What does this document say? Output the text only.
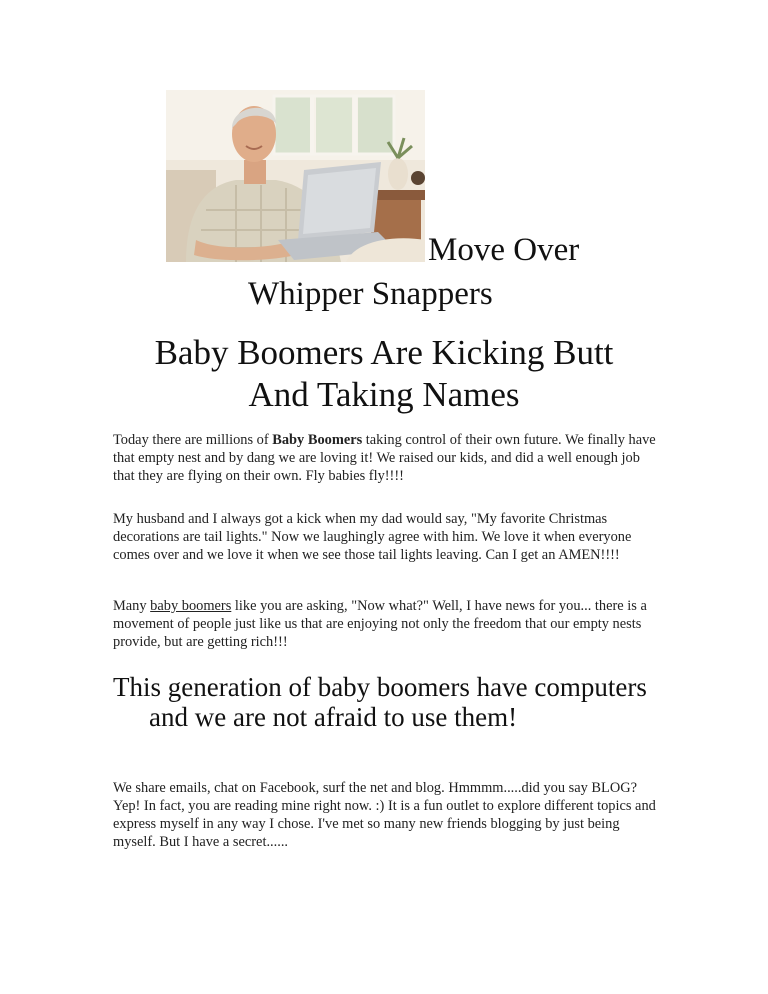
Move Over
Whipper Snappers
Baby Boomers Are Kicking Butt
And Taking Names
Today there are millions of Baby Boomers taking control of their own future. We finally have that empty nest and by dang we are loving it! We raised our kids, and did a well enough job that they are flying on their own. Fly babies fly!!!!
My husband and I always got a kick when my dad would say, "My favorite Christmas decorations are tail lights." Now we laughingly agree with him. We love it when everyone comes over and we love it when we see those tail lights leaving. Can I get an AMEN!!!!
Many baby boomers like you are asking, "Now what?" Well, I have news for you... there is a movement of people just like us that are enjoying not only the freedom that our empty nests provide, but are getting rich!!!
This generation of baby boomers have computers and we are not afraid to use them!
We share emails, chat on Facebook, surf the net and blog. Hmmmm.....did you say BLOG? Yep! In fact, you are reading mine right now. :) It is a fun outlet to explore different topics and express myself in any way I chose. I've met so many new friends blogging by just being myself. But I have a secret......
